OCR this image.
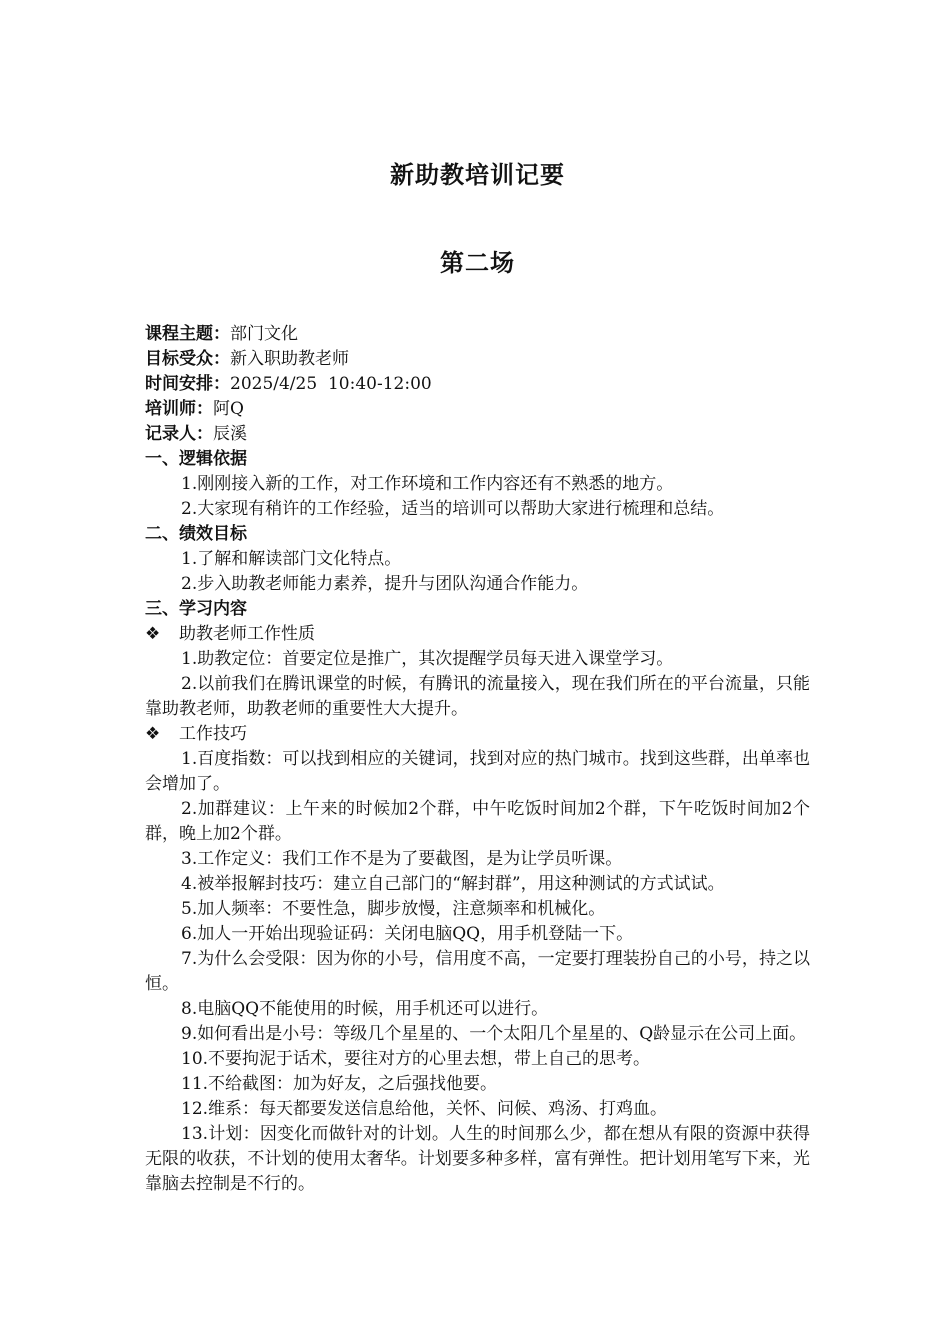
新助教培训记要
第二场

课程主题：部门文化

目标受众：新入职助教老师

时间安排：2025/4/25  10:40-12:00

培训师：阿Q

记录人：辰溪

一、逻辑依据

1.刚刚接入新的工作，对工作环境和工作内容还有不熟悉的地方。

2.大家现有稍许的工作经验，适当的培训可以帮助大家进行梳理和总结。

二、绩效目标

1.了解和解读部门文化特点。

2.步入助教老师能力素养，提升与团队沟通合作能力。

三、学习内容

❖ 助教老师工作性质

1.助教定位：首要定位是推广，其次提醒学员每天进入课堂学习。

2.以前我们在腾讯课堂的时候，有腾讯的流量接入，现在我们所在的平台流量，只能靠助教老师，助教老师的重要性大大提升。

❖ 工作技巧

1.百度指数：可以找到相应的关键词，找到对应的热门城市。找到这些群，出单率也会增加了。

2.加群建议：上午来的时候加2个群，中午吃饭时间加2个群，下午吃饭时间加2个群，晚上加2个群。

3.工作定义：我们工作不是为了要截图，是为让学员听课。

4.被举报解封技巧：建立自己部门的“解封群”，用这种测试的方式试试。

5.加人频率：不要性急，脚步放慢，注意频率和机械化。

6.加人一开始出现验证码：关闭电脑QQ，用手机登陆一下。

7.为什么会受限：因为你的小号，信用度不高，一定要打理装扮自己的小号，持之以恒。

8.电脑QQ不能使用的时候，用手机还可以进行。

9.如何看出是小号：等级几个星星的、一个太阳几个星星的、Q龄显示在公司上面。

10.不要拘泥于话术，要往对方的心里去想，带上自己的思考。

11.不给截图：加为好友，之后强找他要。

12.维系：每天都要发送信息给他，关怀、问候、鸡汤、打鸡血。

13.计划：因变化而做针对的计划。人生的时间那么少，都在想从有限的资源中获得无限的收获，不计划的使用太奢华。计划要多种多样，富有弹性。把计划用笔写下来，光靠脑去控制是不行的。
